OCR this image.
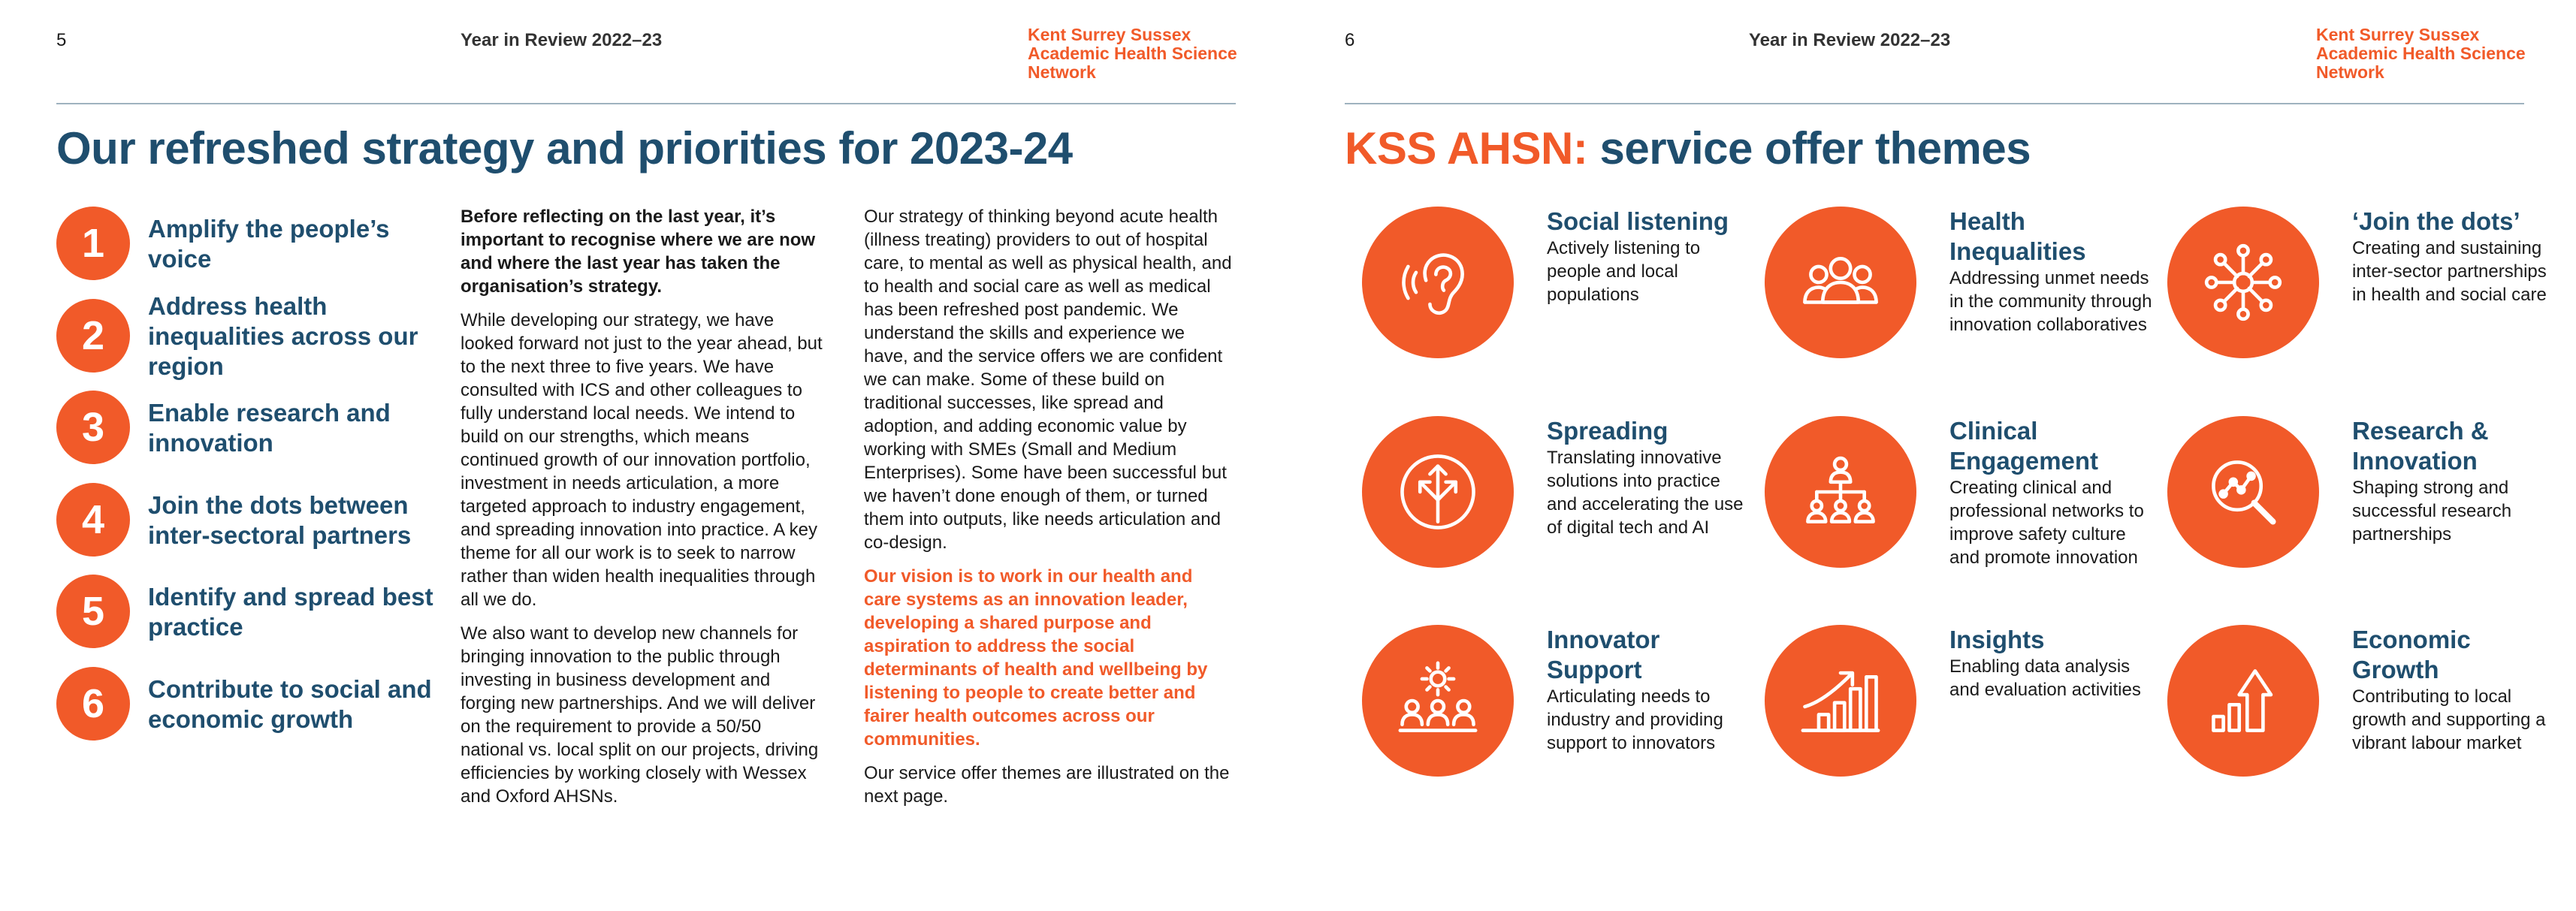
5	Year in Review 2022–23	Kent Surrey Sussex
Academic Health Science
Network
Our refreshed strategy and priorities for 2023-24
1	Amplify the people’s voice
2
Address health inequalities across our region
3	Enable research and innovation
4	Join the dots between inter-sectoral partners
5	Identify and spread best practice
6	Contribute to social and economic growth

Before reflecting on the last year, it’s important to recognise where we are now and where the last year has taken the organisation’s strategy.

While developing our strategy, we have looked forward not just to the year ahead, but to the next three to five years. We have consulted with ICS and other colleagues to fully understand local needs. We intend to build on our strengths, which means continued growth of our innovation portfolio, investment in needs articulation, a more targeted approach to industry engagement, and spreading innovation into practice. A key theme for all our work is to seek to narrow rather than widen health inequalities through all we do.

We also want to develop new channels for bringing innovation to the public through investing in business development and forging new partnerships. And we will deliver on the requirement to provide a 50/50 national vs. local split on our projects, driving efficiencies by working closely with Wessex and Oxford AHSNs.

Our strategy of thinking beyond acute health (illness treating) providers to out of hospital care, to mental as well as physical health, and to health and social care as well as medical has been refreshed post pandemic. We understand the skills and experience we have, and the service offers we are confident we can make. Some of these build on traditional successes, like spread and adoption, and adding economic value by working with SMEs (Small and Medium Enterprises). Some have been successful but we haven’t done enough of them, or turned them into outputs, like needs articulation and co-design.

Our vision is to work in our health and care systems as an innovation leader, developing a shared purpose and aspiration to address the social determinants of health and wellbeing by listening to people to create better and fairer health outcomes across our communities.

Our service offer themes are illustrated on the next page.

6	Year in Review 2022–23	Kent Surrey Sussex
Academic Health Science
Network
KSS AHSN: service offer themes
Social listening
Actively listening to people and local populations
Health Inequalities
Addressing unmet needs in the community through innovation collaboratives
‘Join the dots’
Creating and sustaining inter-sector partnerships in health and social care
Spreading
Translating innovative solutions into practice and accelerating the use of digital tech and AI
Clinical Engagement
Creating clinical and professional networks to improve safety culture and promote innovation
Research & Innovation
Shaping strong and successful research partnerships
Innovator Support
Articulating needs to industry and providing support to innovators
Insights
Enabling data analysis and evaluation activities
Economic Growth
Contributing to local growth and supporting a vibrant labour market
